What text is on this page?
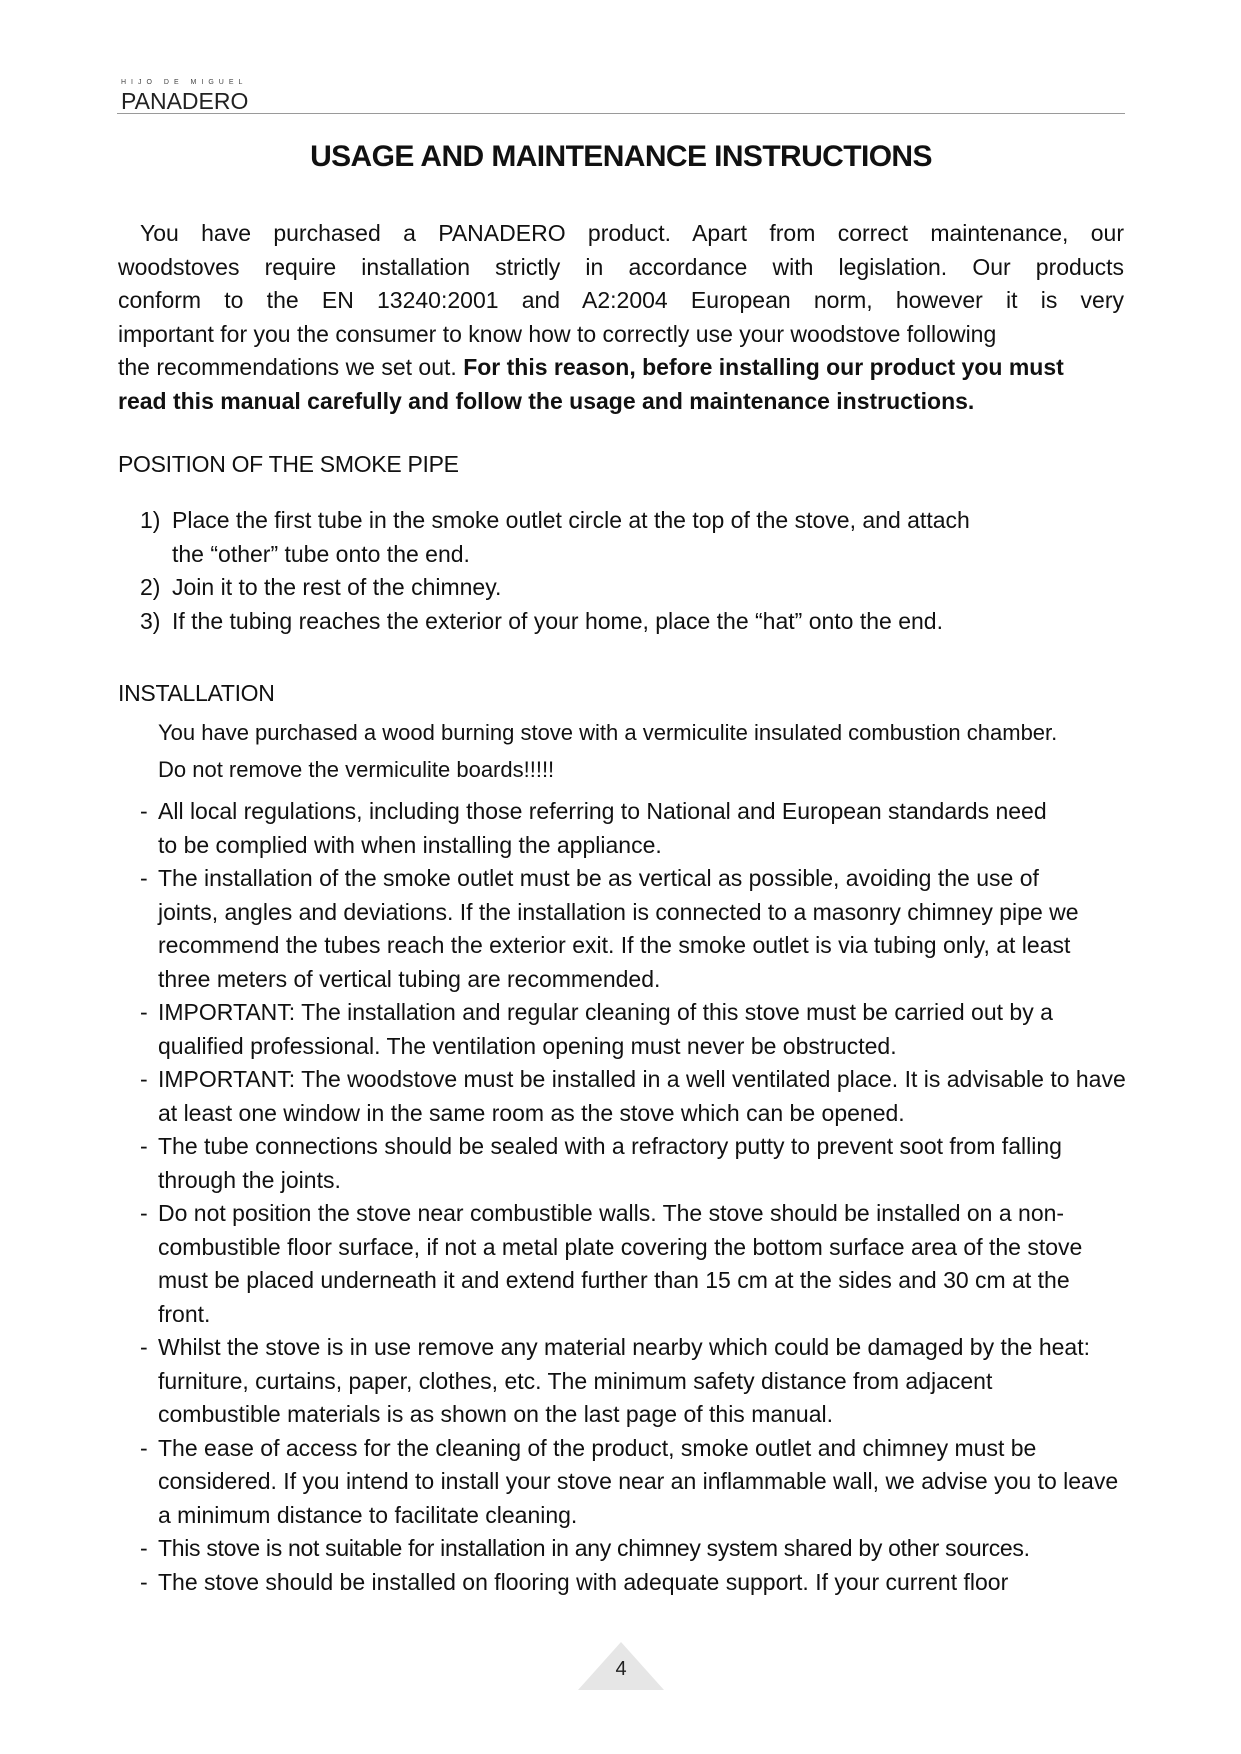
HIJO DE MIGUEL
PANADERO
USAGE AND MAINTENANCE INSTRUCTIONS
You have purchased a PANADERO product. Apart from correct maintenance, our
woodstoves require installation strictly in accordance with legislation. Our products
conform to the EN 13240:2001 and A2:2004 European norm, however it is very
important for you the consumer to know how to correctly use your woodstove following
the recommendations we set out. For this reason, before installing our product you must
read this manual carefully and follow the usage and maintenance instructions.
POSITION OF THE SMOKE PIPE
1) Place the first tube in the smoke outlet circle at the top of the stove, and attach the “other” tube onto the end.
2) Join it to the rest of the chimney.
3) If the tubing reaches the exterior of your home, place the “hat” onto the end.
INSTALLATION
You have purchased a wood burning stove with a vermiculite insulated combustion chamber.
Do not remove the vermiculite boards!!!!!
- All local regulations, including those referring to National and European standards need to be complied with when installing the appliance.
- The installation of the smoke outlet must be as vertical as possible, avoiding the use of joints, angles and deviations. If the installation is connected to a masonry chimney pipe we recommend the tubes reach the exterior exit. If the smoke outlet is via tubing only, at least three meters of vertical tubing are recommended.
- IMPORTANT: The installation and regular cleaning of this stove must be carried out by a qualified professional. The ventilation opening must never be obstructed.
- IMPORTANT: The woodstove must be installed in a well ventilated place. It is advisable to have at least one window in the same room as the stove which can be opened.
- The tube connections should be sealed with a refractory putty to prevent soot from falling through the joints.
- Do not position the stove near combustible walls. The stove should be installed on a non-combustible floor surface, if not a metal plate covering the bottom surface area of the stove must be placed underneath it and extend further than 15 cm at the sides and 30 cm at the front.
- Whilst the stove is in use remove any material nearby which could be damaged by the heat: furniture, curtains, paper, clothes, etc. The minimum safety distance from adjacent combustible materials is as shown on the last page of this manual.
- The ease of access for the cleaning of the product, smoke outlet and chimney must be considered. If you intend to install your stove near an inflammable wall, we advise you to leave a minimum distance to facilitate cleaning.
- This stove is not suitable for installation in any chimney system shared by other sources.
- The stove should be installed on flooring with adequate support. If your current floor
4
